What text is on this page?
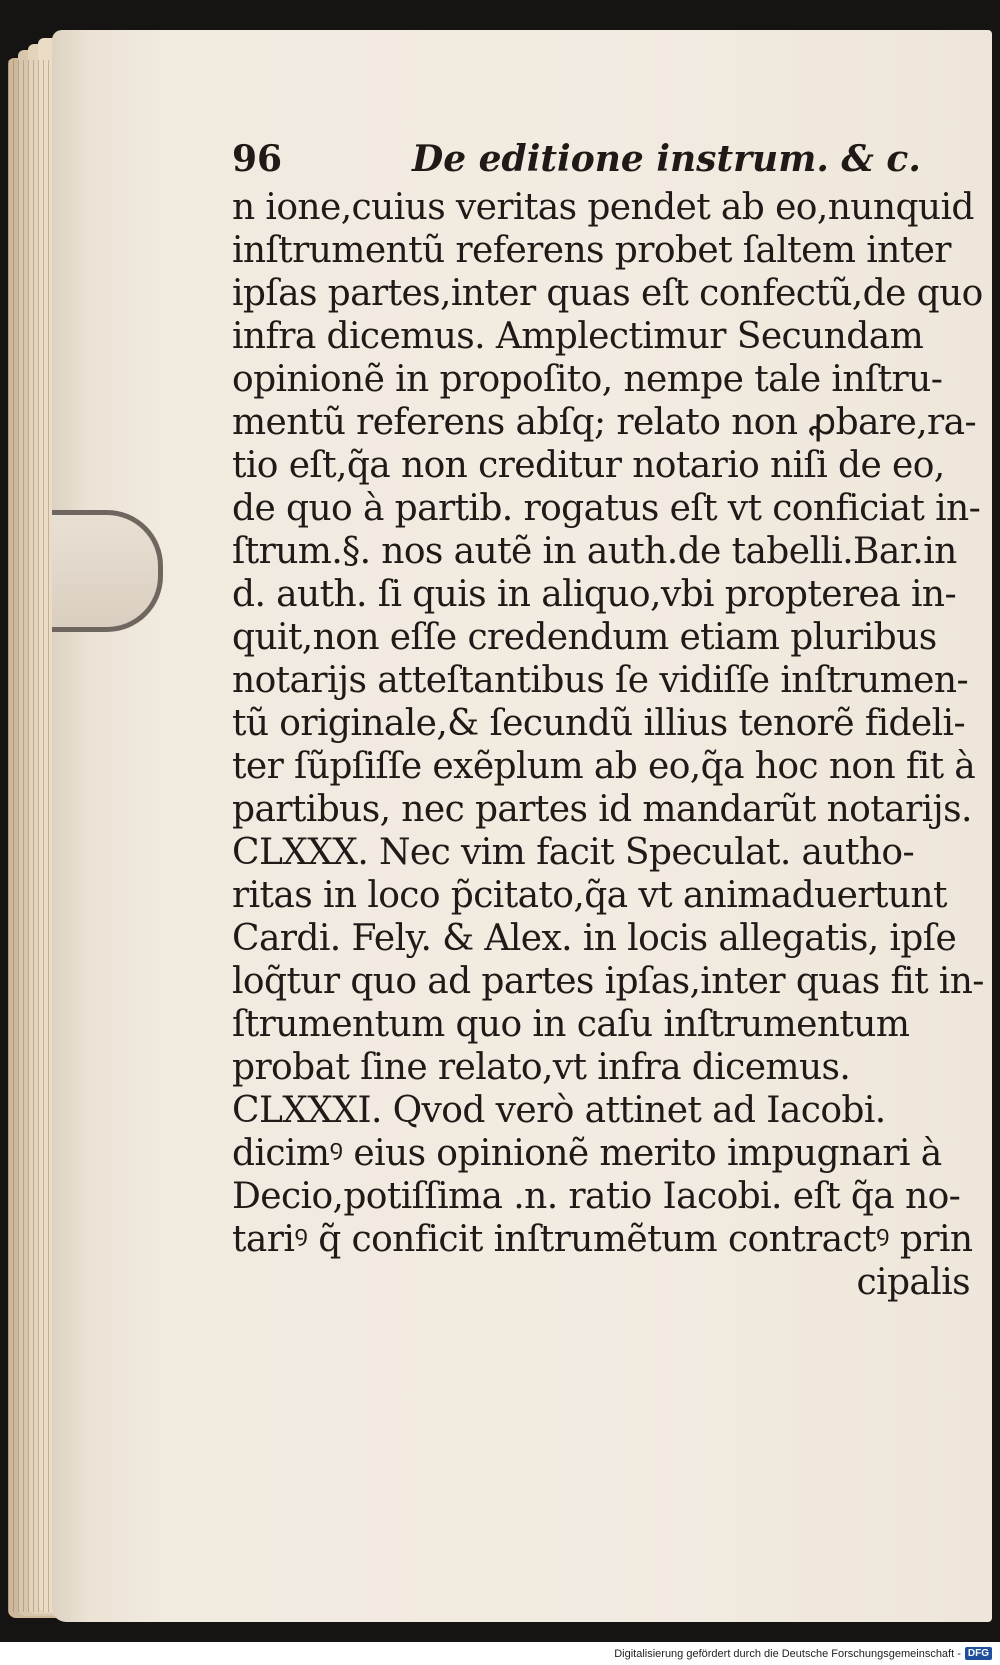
96	De editione instrum. & c.
n ione,cuius veritas pendet ab eo,nunquid
inſtrumentũ referens probet ſaltem inter
ipſas partes,inter quas eſt confectũ,de quo
infra dicemus. Amplectimur Secundam
opinionẽ in propoſito, nempe tale inſtru-
mentũ referens abſq; relato non ꝓbare,ra-
tio eſt,q̃a non creditur notario niſi de eo,
de quo à partib. rogatus eſt vt conficiat in-
ſtrum.§. nos autẽ in auth.de tabelli.Bar.in
d. auth. ſi quis in aliquo,vbi propterea in-
quit,non eſſe credendum etiam pluribus
notarijs atteſtantibus ſe vidiſſe inſtrumen-
tũ originale,& ſecundũ illius tenorẽ fideli-
ter ſũpſiſſe exẽplum ab eo,q̃a hoc non fit à
partibus, nec partes id mandarũt notarijs.
CLXXX. Nec vim facit Speculat. autho-
ritas in loco p̃citato,q̃a vt animaduertunt
Cardi. Fely. & Alex. in locis allegatis, ipſe
loq̃tur quo ad partes ipſas,inter quas fit in-
ſtrumentum quo in caſu inſtrumentum
probat ſine relato,vt infra dicemus.
CLXXXI. Qvod verò attinet ad Iacobi.
dicimꝰ eius opinionẽ merito impugnari à
Decio,potiſſima .n. ratio Iacobi. eſt q̃a no-
tariꝰ q̃ conficit inſtrumẽtum contractꝰ prin
cipalis
Digitalisierung gefördert durch die Deutsche Forschungsgemeinschaft - DFG
